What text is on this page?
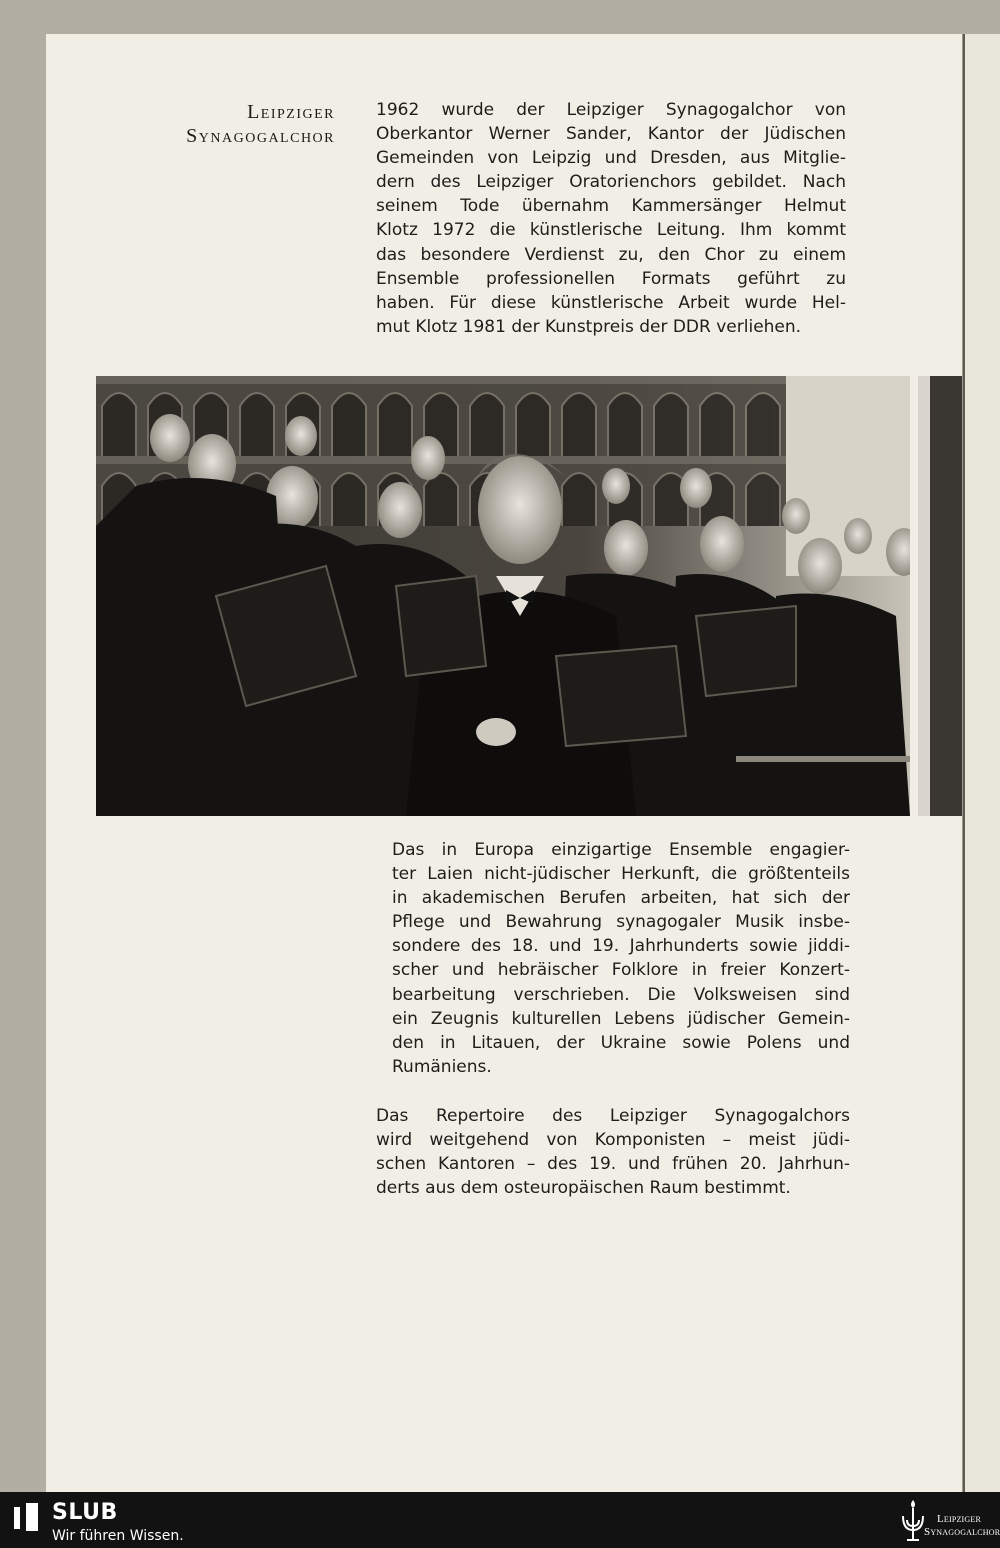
Leipziger
Synagogalchor
1962 wurde der Leipziger Synagogalchor von
Oberkantor Werner Sander, Kantor der Jüdischen
Gemeinden von Leipzig und Dresden, aus Mitglie-
dern des Leipziger Oratorienchors gebildet. Nach
seinem Tode übernahm Kammersänger Helmut
Klotz 1972 die künstlerische Leitung. Ihm kommt
das besondere Verdienst zu, den Chor zu einem
Ensemble professionellen Formats geführt zu
haben. Für diese künstlerische Arbeit wurde Hel-
mut Klotz 1981 der Kunstpreis der DDR verliehen.
Das in Europa einzigartige Ensemble engagier-
ter Laien nicht-jüdischer Herkunft, die größtenteils
in akademischen Berufen arbeiten, hat sich der
Pflege und Bewahrung synagogaler Musik insbe-
sondere des 18. und 19. Jahrhunderts sowie jiddi-
scher und hebräischer Folklore in freier Konzert-
bearbeitung verschrieben. Die Volksweisen sind
ein Zeugnis kulturellen Lebens jüdischer Gemein-
den in Litauen, der Ukraine sowie Polens und
Rumäniens.
Das Repertoire des Leipziger Synagogalchors
wird weitgehend von Komponisten – meist jüdi-
schen Kantoren – des 19. und frühen 20. Jahrhun-
derts aus dem osteuropäischen Raum bestimmt.
SLUB
Wir führen Wissen.
Leipziger
Synagogalchor
